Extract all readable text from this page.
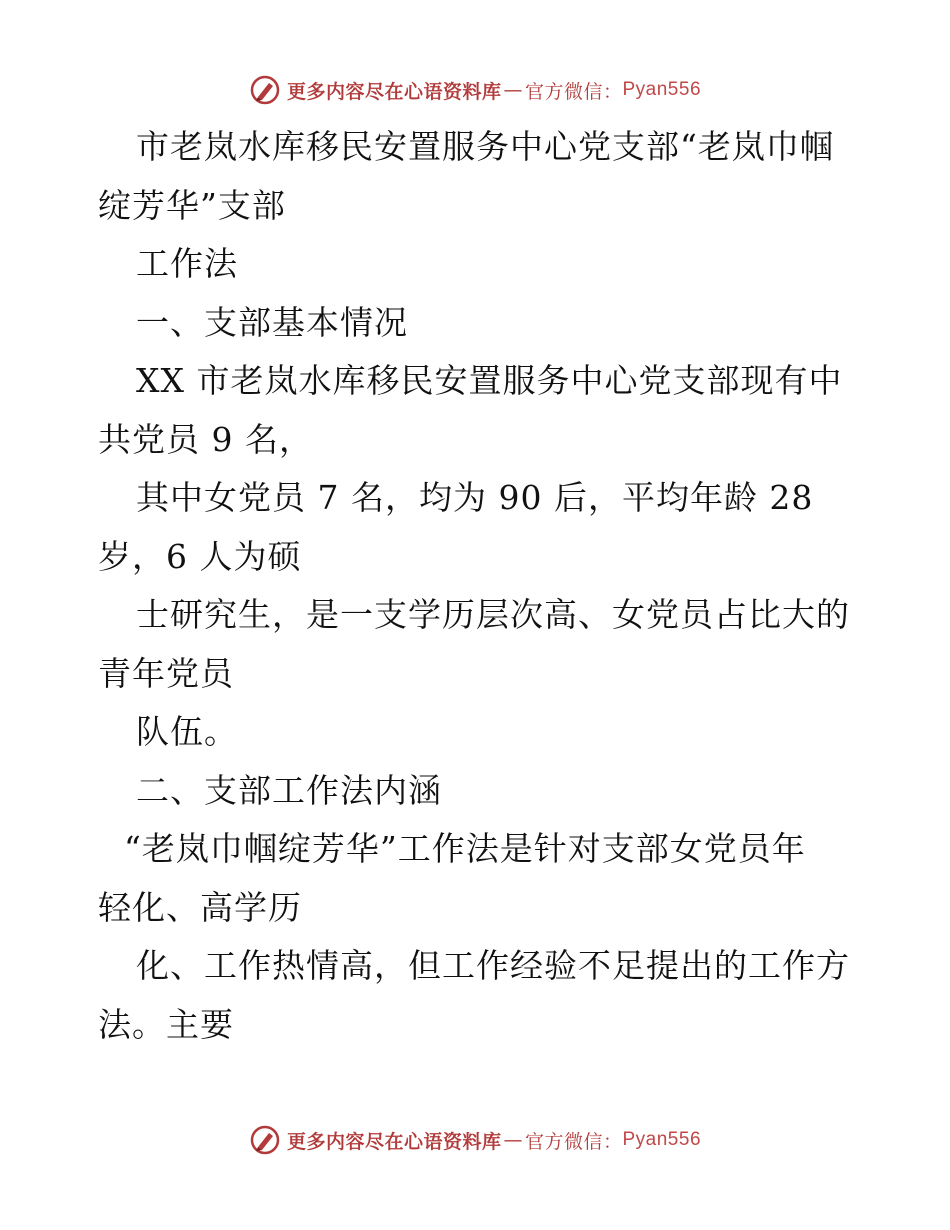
更多内容尽在心语资料库 — 官方微信： Pyan556
市老岚水库移民安置服务中心党支部“老岚巾帼
绽芳华”支部
工作法
一、支部基本情况
XX 市老岚水库移民安置服务中心党支部现有中
共党员 9 名，
其中女党员 7 名，均为 90 后，平均年龄 28
岁，6 人为硕
士研究生，是一支学历层次高、女党员占比大的
青年党员
队伍。
二、支部工作法内涵
“老岚巾帼绽芳华”工作法是针对支部女党员年
轻化、高学历
化、工作热情高，但工作经验不足提出的工作方
法。主要
更多内容尽在心语资料库 — 官方微信： Pyan556
